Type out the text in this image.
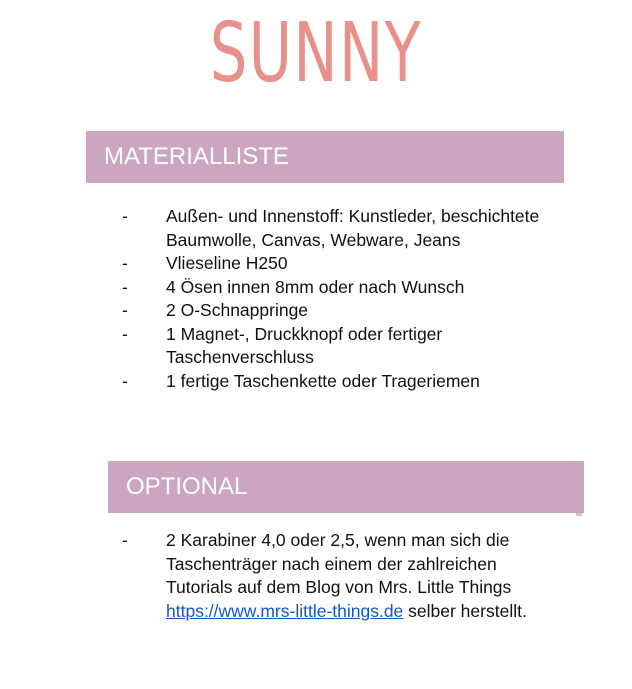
SUNNY
MATERIALLISTE
- Außen- und Innenstoff: Kunstleder, beschichtete Baumwolle, Canvas, Webware, Jeans
- Vlieseline H250
- 4 Ösen innen 8mm oder nach Wunsch
- 2 O-Schnappringe
- 1 Magnet-, Druckknopf oder fertiger Taschenverschluss
- 1 fertige Taschenkette oder Trageriemen
OPTIONAL
- 2 Karabiner 4,0 oder 2,5, wenn man sich die Taschenträger nach einem der zahlreichen Tutorials auf dem Blog von Mrs. Little Things https://www.mrs-little-things.de selber herstellt.
